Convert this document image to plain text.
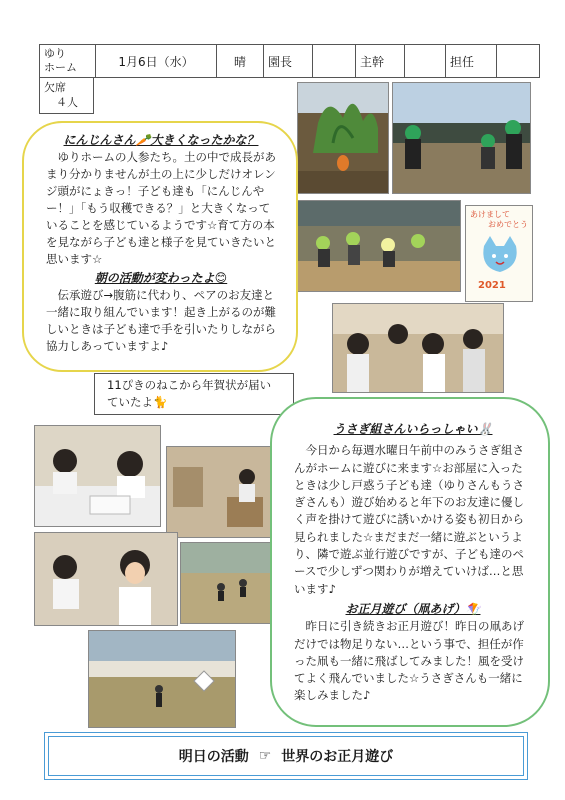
ゆり
ホーム	1月6日（水）	晴	園長		主幹		担任	
欠席
４人
あけまして
おめでとう
2021
にんじんさん🥕大きくなったかな？

ゆりホームの人参たち。土の中で成長があまり分かりませんが土の上に少しだけオレンジ頭がにょきっ！子ども達も「にんじんやー！」「もう収穫できる？」と大きくなっていることを感じているようです☆育て方の本を見ながら子ども達と様子を見ていきたいと思います☆

朝の活動が変わったよ😊

伝承遊び→腹筋に代わり、ペアのお友達と一緒に取り組んでいます！起き上がるのが難しいときは子ども達で手を引いたりしながら協力しあっていますよ♪

11ぴきのねこから年賀状が届いていたよ🐈
うさぎ組さんいらっしゃい🐰

今日から毎週水曜日午前中のみうさぎ組さんがホームに遊びに来ます☆お部屋に入ったときは少し戸惑う子ども達（ゆりさんもうさぎさんも）遊び始めると年下のお友達に優しく声を掛けて遊びに誘いかける姿も初日から見られました☆まだまだ一緒に遊ぶというより、隣で遊ぶ並行遊びですが、子ども達のペースで少しずつ関わりが増えていけば…と思います♪

お正月遊び（凧あげ）🪁

昨日に引き続きお正月遊び！昨日の凧あげだけでは物足りない…という事で、担任が作った凧も一緒に飛ばしてみました！風を受けてよく飛んでいました☆うさぎさんも一緒に楽しみました♪

明日の活動 ☞ 世界のお正月遊び
